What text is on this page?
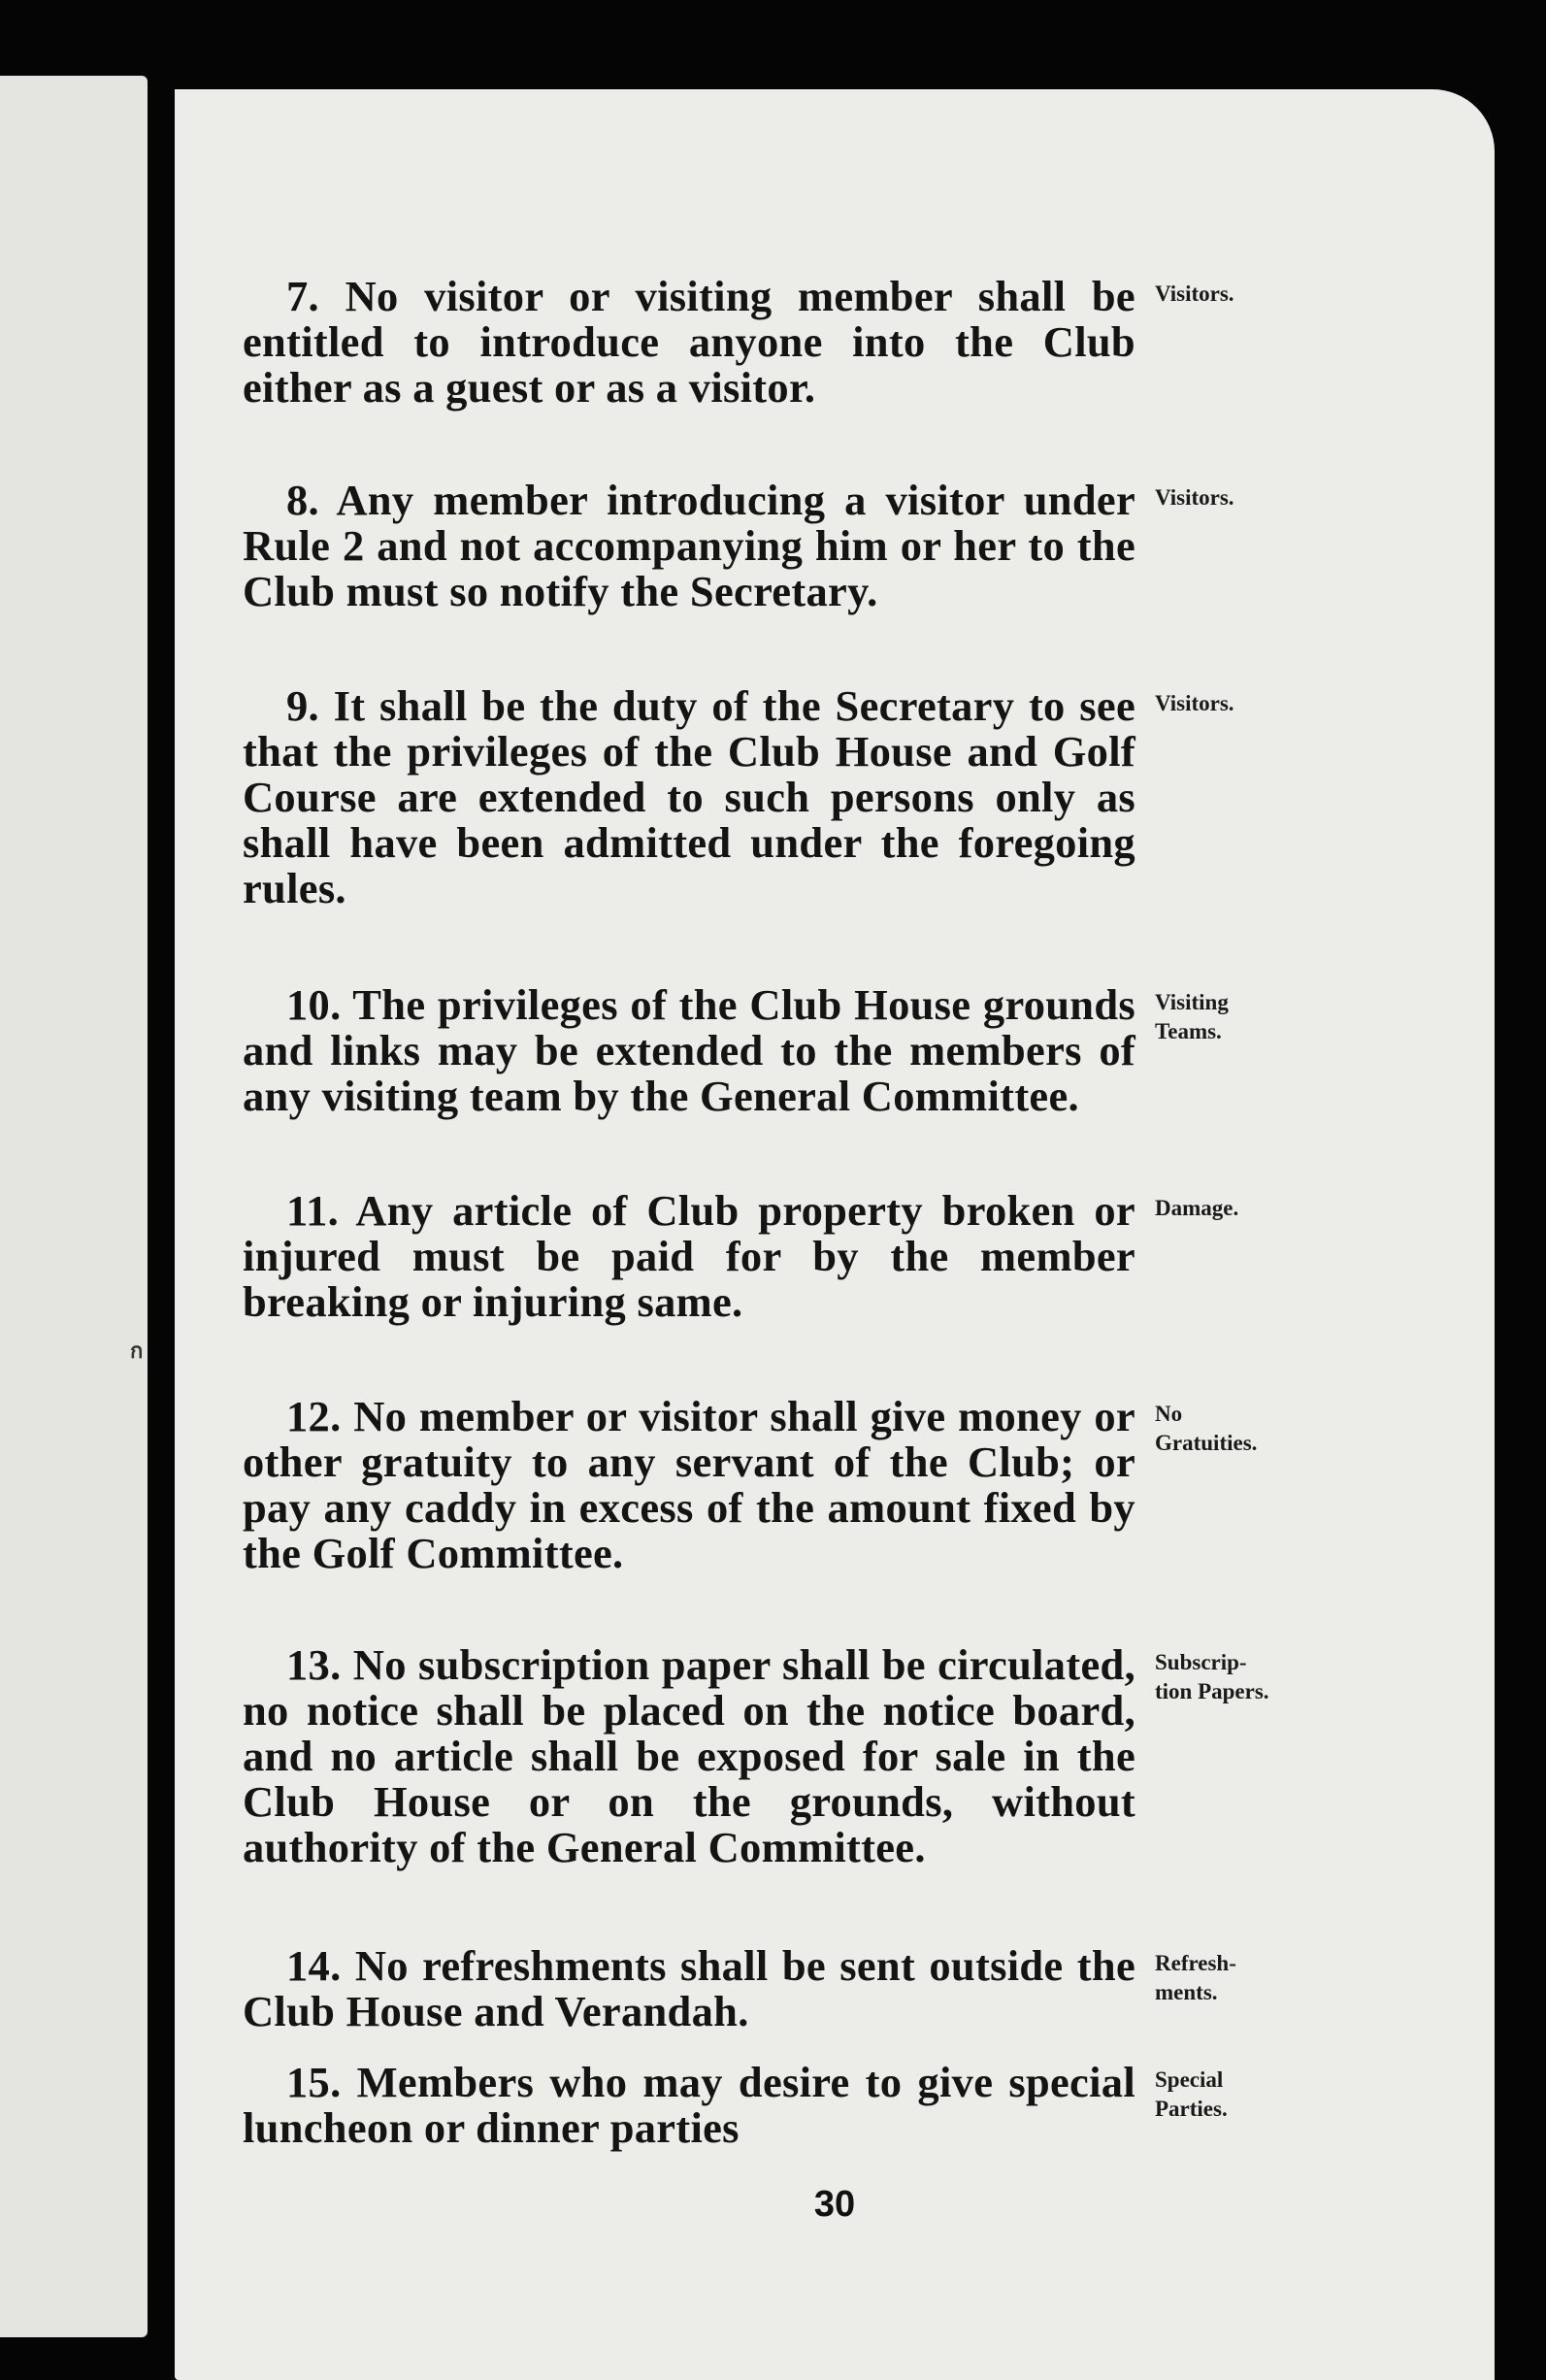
ก
7. No visitor or visiting member shall be entitled to introduce anyone into the Club either as a guest or as a visitor.
Visitors.
8. Any member introducing a visitor under Rule 2 and not accompanying him or her to the Club must so notify the Secretary.
Visitors.
9. It shall be the duty of the Secretary to see that the privileges of the Club House and Golf Course are extended to such persons only as shall have been admitted under the foregoing rules.
Visitors.
10. The privileges of the Club House grounds and links may be extended to the members of any visiting team by the General Committee.
Visiting
Teams.
11. Any article of Club property broken or injured must be paid for by the member breaking or injuring same.
Damage.
12. No member or visitor shall give money or other gratuity to any servant of the Club; or pay any caddy in excess of the amount fixed by the Golf Committee.
No
Gratuities.
13. No subscription paper shall be circulated, no notice shall be placed on the notice board, and no article shall be exposed for sale in the Club House or on the grounds, without authority of the General Committee.
Subscrip-
tion Papers.
14. No refreshments shall be sent outside the Club House and Verandah.
Refresh-
ments.
15. Members who may desire to give special luncheon or dinner parties
Special
Parties.
30
